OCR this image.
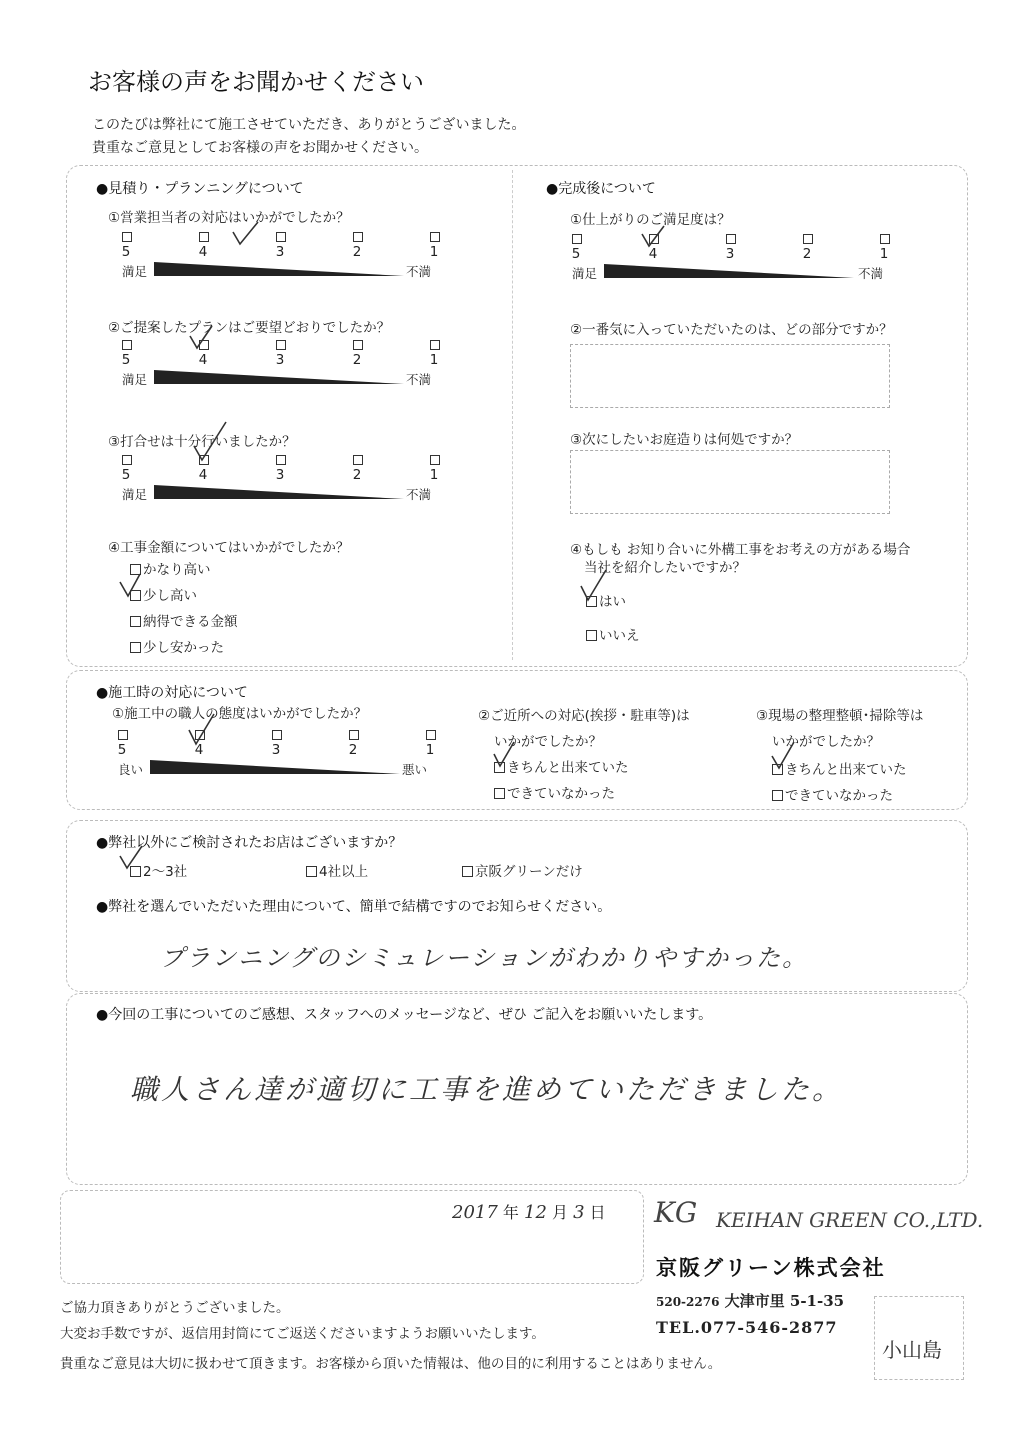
お客様の声をお聞かせください
このたびは弊社にて施工させていただき、ありがとうございました。
貴重なご意見としてお客様の声をお聞かせください。
●見積り・プランニングについて
①営業担当者の対応はいかがでしたか？
5	4	3	2	1
満足	不満
②ご提案したプランはご要望どおりでしたか？
5	4	3	2	1
満足	不満
③打合せは十分行いましたか？
5	4	3	2	1
満足	不満
④工事金額についてはいかがでしたか？
かなり高い
少し高い
納得できる金額
少し安かった
●完成後について
①仕上がりのご満足度は？
5	4	3	2	1
満足	不満
②一番気に入っていただいたのは、どの部分ですか？
③次にしたいお庭造りは何処ですか？
④もしも お知り合いに外構工事をお考えの方がある場合
当社を紹介したいですか？
はい
いいえ
●施工時の対応について
①施工中の職人の態度はいかがでしたか？
5	4	3	2	1
良い	悪い
②ご近所への対応(挨拶・駐車等)は
いかがでしたか？
きちんと出来ていた
できていなかった
③現場の整理整頓･掃除等は
いかがでしたか？
きちんと出来ていた
できていなかった
●弊社以外にご検討されたお店はございますか？
2～3社	4社以上	京阪グリーンだけ
●弊社を選んでいただいた理由について、簡単で結構ですのでお知らせください。
プランニングのシミュレーションがわかりやすかった。
●今回の工事についてのご感想、スタッフへのメッセージなど、ぜひ ご記入をお願いいたします。
職人さん達が適切に工事を進めていただきました。
2017 年 12 月 3 日 KG KEIHAN GREEN CO.,LTD.
京阪グリーン株式会社
520-2276 大津市里 5-1-35
TEL.077-546-2877
小山島
ご協力頂きありがとうございました。
大変お手数ですが、返信用封筒にてご返送くださいますようお願いいたします。
貴重なご意見は大切に扱わせて頂きます。お客様から頂いた情報は、他の目的に利用することはありません。
